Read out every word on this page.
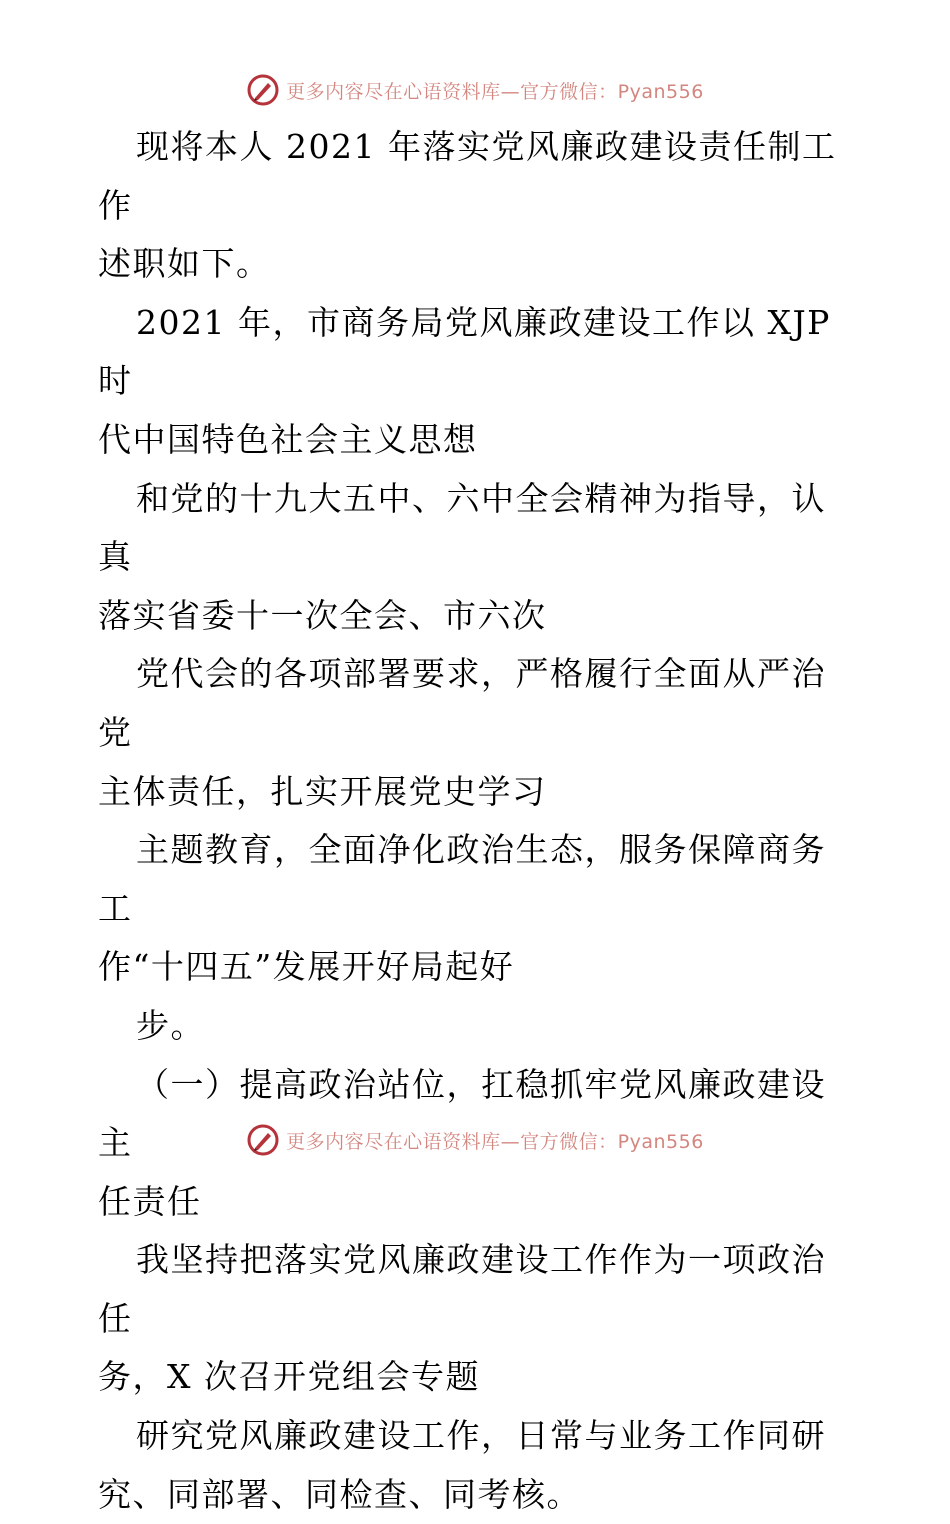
更多内容尽在心语资料库—官方微信：Pyan556

现将本人 2021 年落实党风廉政建设责任制工作
述职如下。

2021 年，市商务局党风廉政建设工作以 XJP 时
代中国特色社会主义思想

和党的十九大五中、六中全会精神为指导，认真
落实省委十一次全会、市六次

党代会的各项部署要求，严格履行全面从严治党
主体责任，扎实开展党史学习

主题教育，全面净化政治生态，服务保障商务工
作“十四五”发展开好局起好

步。

（一）提高政治站位，扛稳抓牢党风廉政建设主
任责任

我坚持把落实党风廉政建设工作作为一项政治任
务，X 次召开党组会专题

研究党风廉政建设工作，日常与业务工作同研
究、同部署、同检查、同考核。

更多内容尽在心语资料库—官方微信：Pyan556
